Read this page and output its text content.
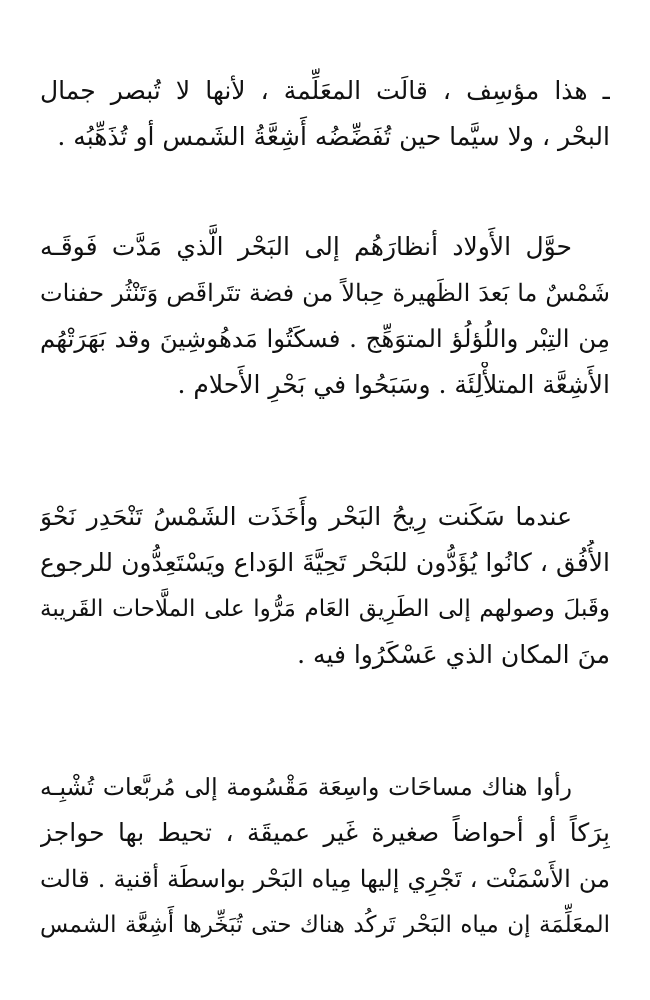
ـ هذا مؤسِف ، قالَت المعَلِّمة ، لأنها لا تُبصر جمال
البحْر ، ولا سيَّما حين تُفَضِّضُه أَشِعَّةُ الشَمس أو تُذَهِّبُه .
حوَّل الأَولاد أنظارَهُم إلى البَحْر الَّذي مَدَّت فَوقَـه
شَمْسٌ ما بَعدَ الظَهيرة حِبالاً من فضة تتَراقَص وَتَنْثُر حفنات
مِن التِبْر واللُؤلُؤ المتوَهِّج . فسكَتُوا مَدهُوشِينَ وقد بَهَرَتْهُم
الأَشِعَّة المتلأْلِئَة . وسَبَحُوا في بَحْرِ الأَحلام .
عندما سَكَنت رِيحُ البَحْر وأَخَذَت الشَمْسُ تَنْحَدِر نَحْوَ
الأُفُق ، كانُوا يُؤَدُّون للبَحْر تَحِيَّةَ الوَداع ويَسْتَعِدُّون للرجوع
وقَبلَ وصولهم إلى الطَرِيق العَام مَرُّوا على الملَّاحات القَريبة
منَ المكان الذي عَسْكَرُوا فيه .
رأوا هناك مساحَات واسِعَة مَقْسُومة إلى مُربَّعات تُشْبِـه
بِرَكاً أو أحواضاً صغيرة غَير عميقَة ، تحيط بها حواجز
من الأَسْمَنْت ، تَجْرِي إليها مِياه البَحْر بواسطَة أقنية . قالت
المعَلِّمَة إن مياه البَحْر تَركُد هناك حتى تُبَخِّرها أَشِعَّة الشمس
